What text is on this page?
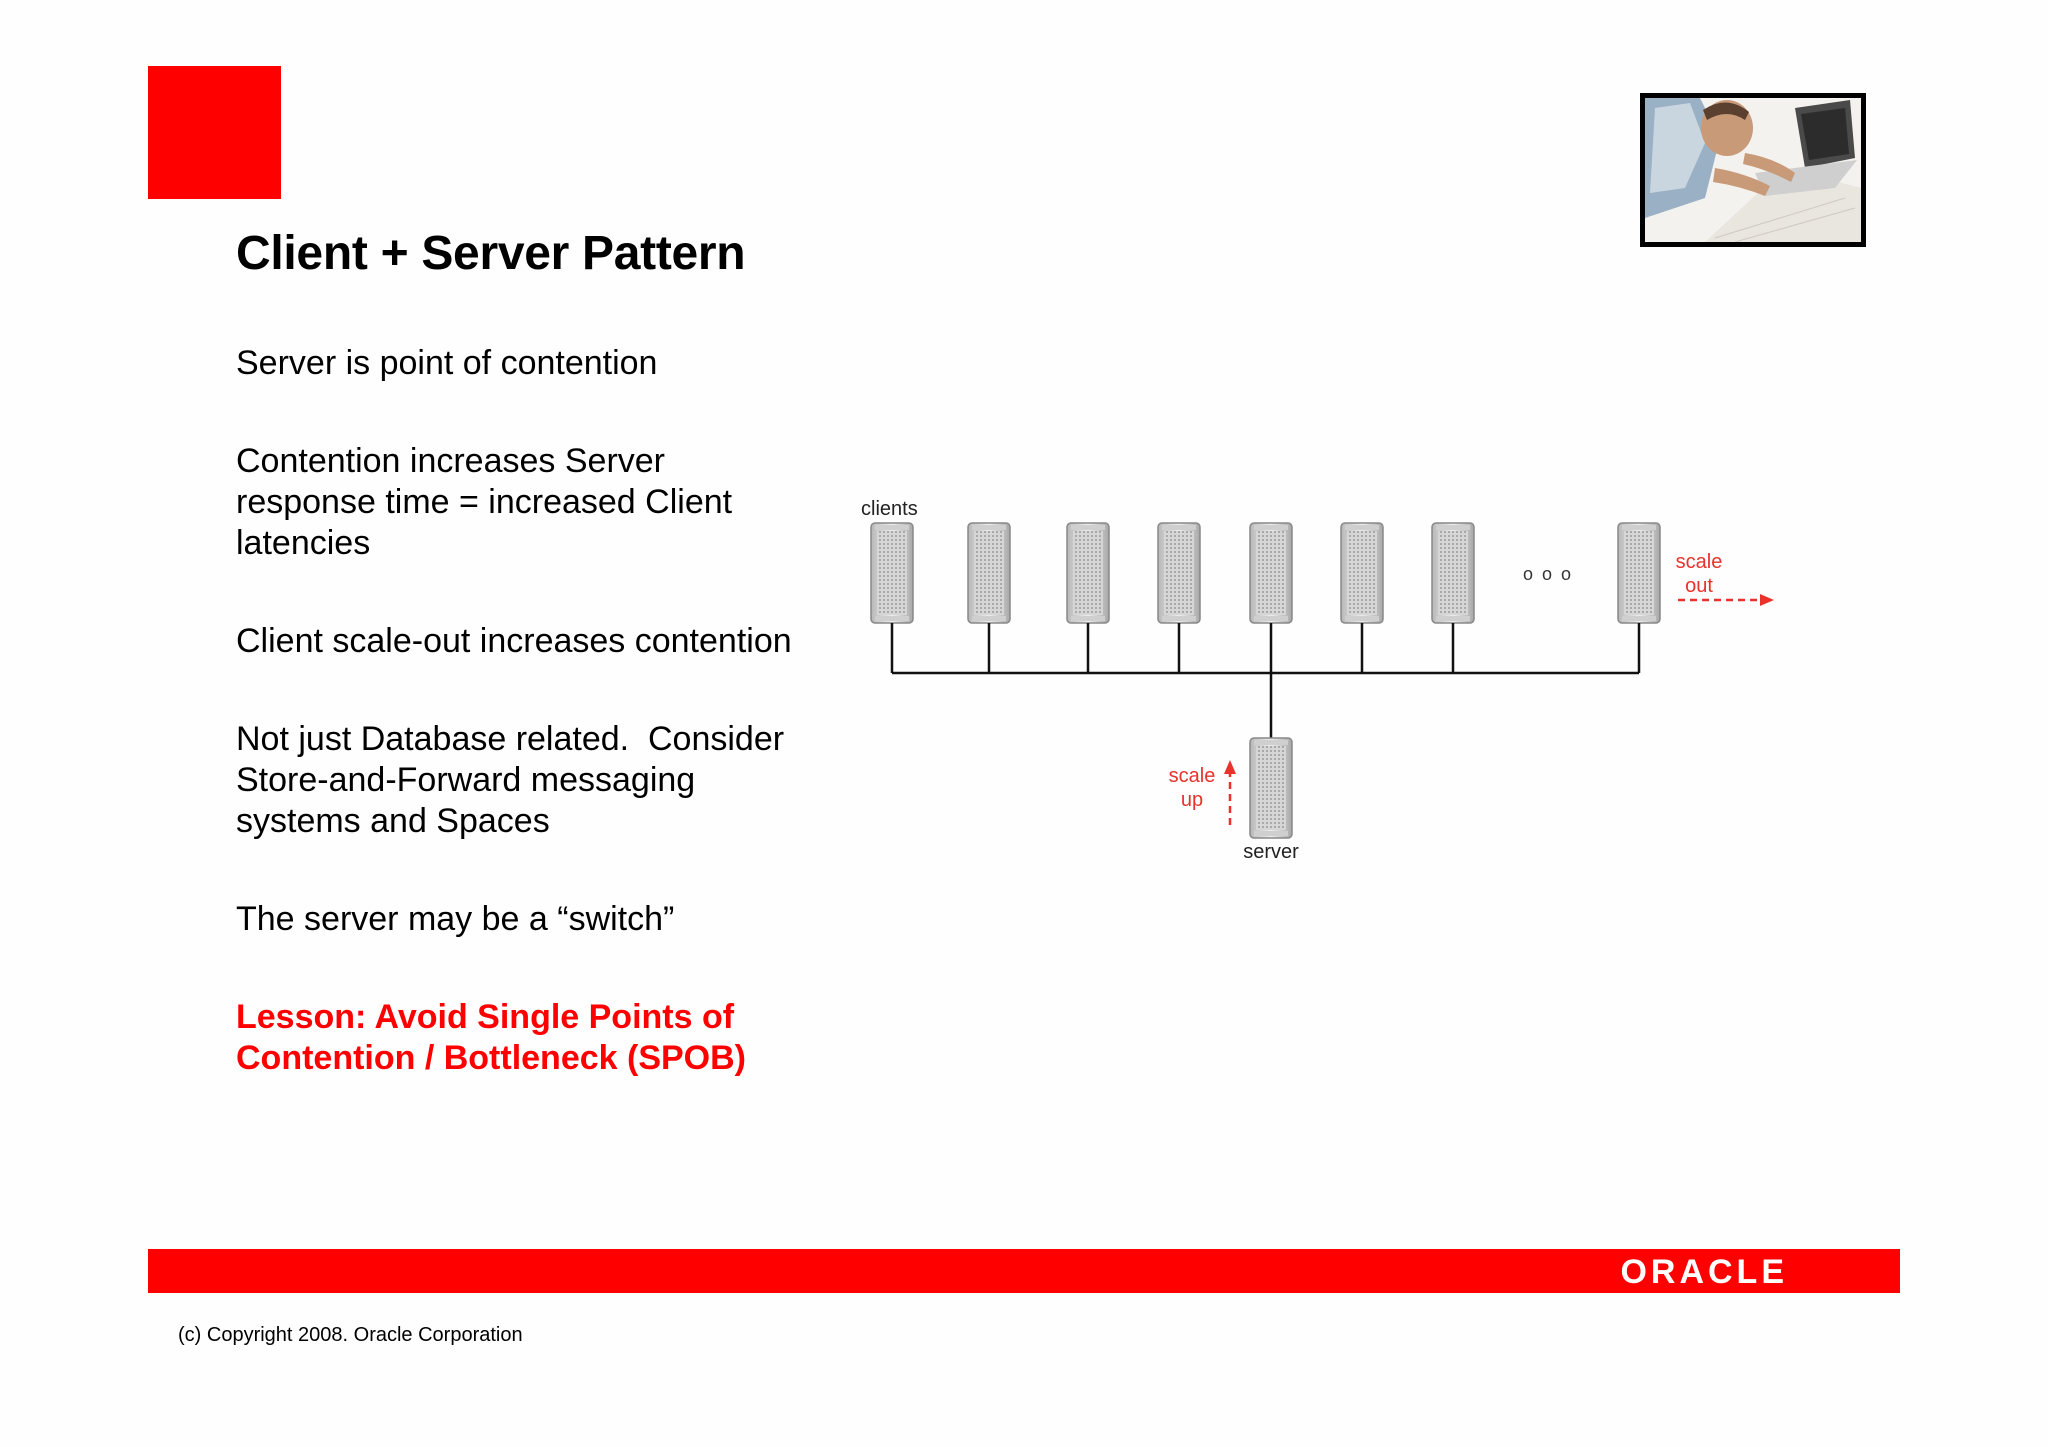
Client + Server Pattern
Server is point of contention
Contention increases Server
response time = increased Client
latencies
Client scale-out increases contention
Not just Database related.  Consider
Store-and-Forward messaging
systems and Spaces
The server may be a “switch”
Lesson: Avoid Single Points of
Contention / Bottleneck (SPOB)
clients
o o o
scale
out
server
scale
up
ORACLE
(c) Copyright 2008. Oracle Corporation
